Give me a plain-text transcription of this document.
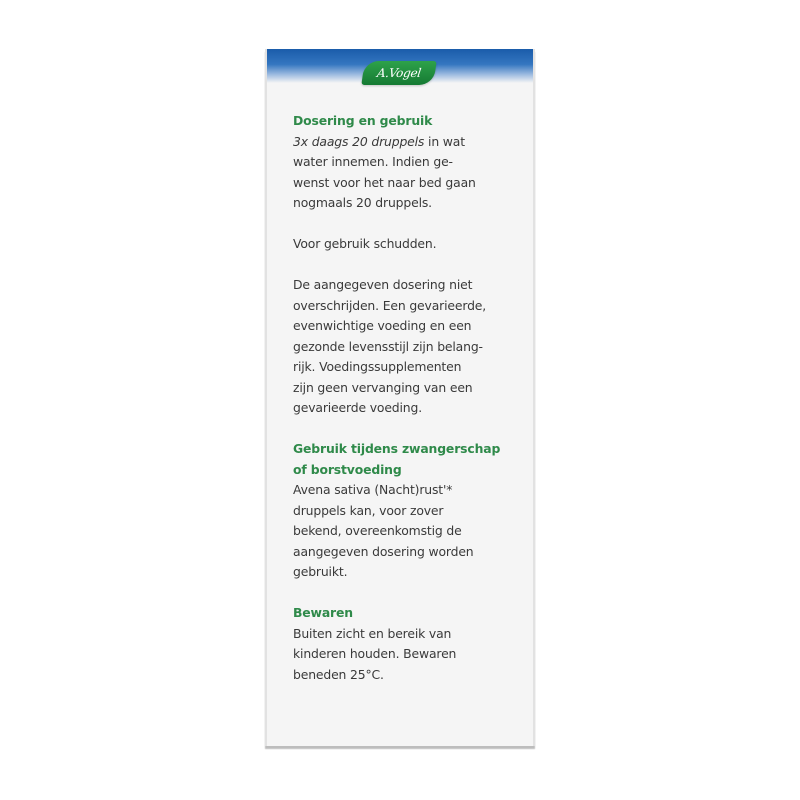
A.Vogel

Dosering en gebruik

3x daags 20 druppels in wat

water innemen. Indien ge-

wenst voor het naar bed gaan

nogmaals 20 druppels.

Voor gebruik schudden.

De aangegeven dosering niet

overschrijden. Een gevarieerde,

evenwichtige voeding en een

gezonde levensstijl zijn belang-

rijk. Voedingssupplementen

zijn geen vervanging van een

gevarieerde voeding.

Gebruik tijdens zwangerschap

of borstvoeding

Avena sativa (Nacht)rust'*

druppels kan, voor zover

bekend, overeenkomstig de

aangegeven dosering worden

gebruikt.

Bewaren

Buiten zicht en bereik van

kinderen houden. Bewaren

beneden 25°C.
